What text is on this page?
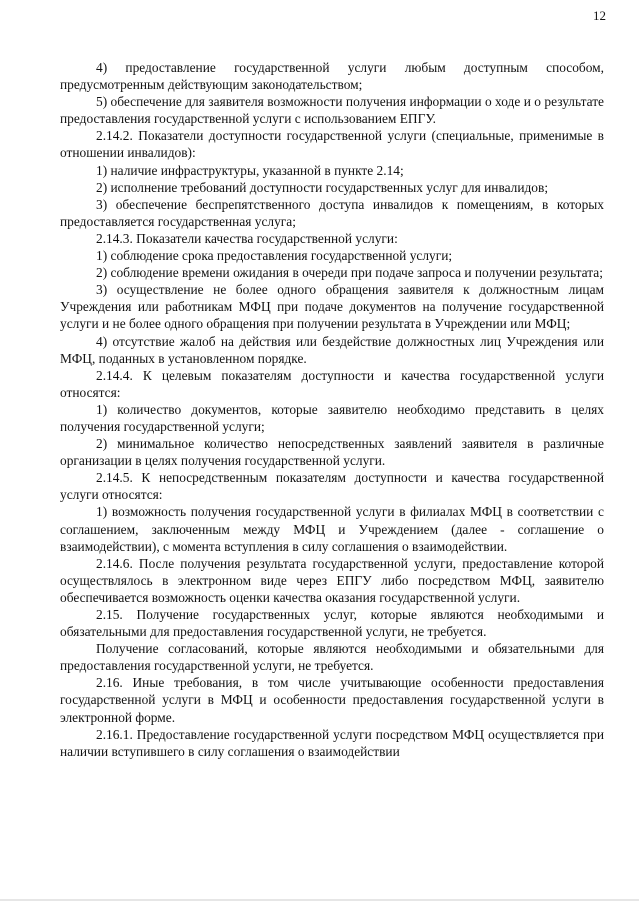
12

4) предоставление государственной услуги любым доступным способом, предусмотренным действующим законодательством;

5) обеспечение для заявителя возможности получения информации о ходе и о результате предоставления государственной услуги с использованием ЕПГУ.

2.14.2. Показатели доступности государственной услуги (специальные, применимые в отношении инвалидов):

1) наличие инфраструктуры, указанной в пункте 2.14;

2) исполнение требований доступности государственных услуг для инвалидов;

3) обеспечение беспрепятственного доступа инвалидов к помещениям, в которых предоставляется государственная услуга;

2.14.3. Показатели качества государственной услуги:

1) соблюдение срока предоставления государственной услуги;

2) соблюдение времени ожидания в очереди при подаче запроса и получении результата;

3) осуществление не более одного обращения заявителя к должностным лицам Учреждения или работникам МФЦ при подаче документов на получение государственной услуги и не более одного обращения при получении результата в Учреждении или МФЦ;

4) отсутствие жалоб на действия или бездействие должностных лиц Учреждения или МФЦ, поданных в установленном порядке.

2.14.4. К целевым показателям доступности и качества государственной услуги относятся:

1) количество документов, которые заявителю необходимо представить в целях получения государственной услуги;

2) минимальное количество непосредственных заявлений заявителя в различные организации в целях получения государственной услуги.

2.14.5. К непосредственным показателям доступности и качества государственной услуги относятся:

1) возможность получения государственной услуги в филиалах МФЦ в соответствии с соглашением, заключенным между МФЦ и Учреждением (далее - соглашение о взаимодействии), с момента вступления в силу соглашения о взаимодействии.

2.14.6. После получения результата государственной услуги, предоставление которой осуществлялось в электронном виде через ЕПГУ либо посредством МФЦ, заявителю обеспечивается возможность оценки качества оказания государственной услуги.

2.15. Получение государственных услуг, которые являются необходимыми и обязательными для предоставления государственной услуги, не требуется.

Получение согласований, которые являются необходимыми и обязательными для предоставления государственной услуги, не требуется.

2.16. Иные требования, в том числе учитывающие особенности предоставления государственной услуги в МФЦ и особенности предоставления государственной услуги в электронной форме.

2.16.1. Предоставление государственной услуги посредством МФЦ осуществляется при наличии вступившего в силу соглашения о взаимодействии
